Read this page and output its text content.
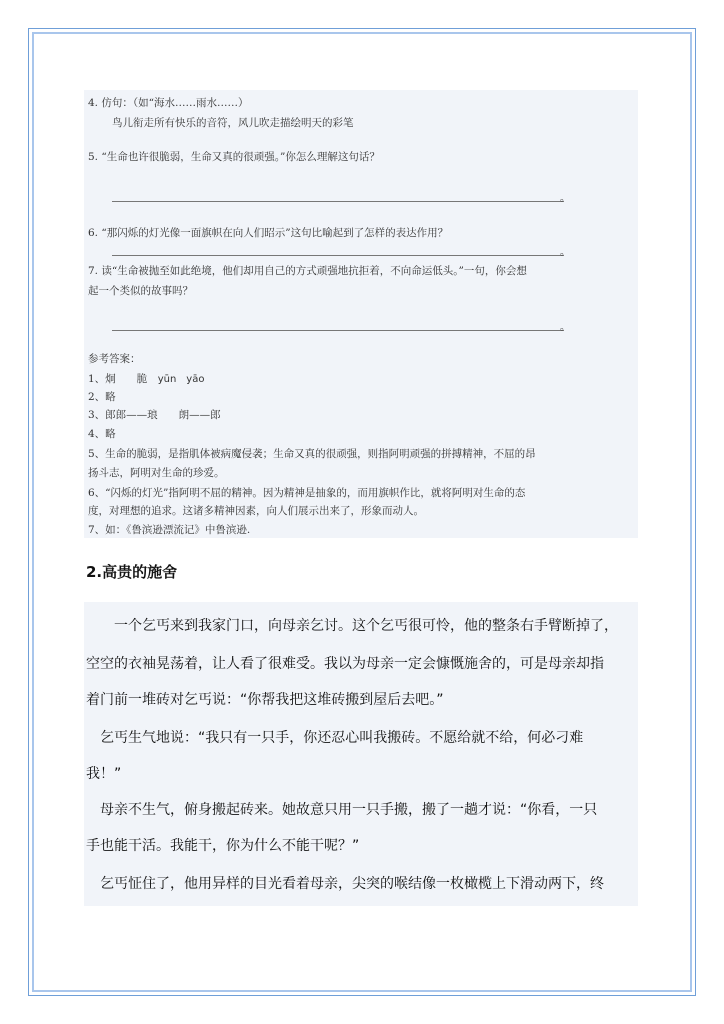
4. 仿句：（如“海水……雨水……）
鸟儿衔走所有快乐的音符，风儿吹走描绘明天的彩笔
5. “生命也许很脆弱，生命又真的很顽强。”你怎么理解这句话？
。
6. “那闪烁的灯光像一面旗帜在向人们昭示”这句比喻起到了怎样的表达作用？
。
7. 读“生命被抛至如此绝境，他们却用自己的方式顽强地抗拒着，不向命运低头。”一句，你会想
起一个类似的故事吗？
。
参考答案：
1、炯　　脆　yūn　yāo
2、略
3、郎郎——琅　　朗——郎
4、略
5、生命的脆弱，是指肌体被病魔侵袭；生命又真的很顽强，则指阿明顽强的拼搏精神，不屈的昂
扬斗志，阿明对生命的珍爱。
6、“闪烁的灯光”指阿明不屈的精神。因为精神是抽象的，而用旗帜作比，就将阿明对生命的态
度，对理想的追求。这诸多精神因素，向人们展示出来了，形象而动人。
7、如：《鲁滨逊漂流记》中鲁滨逊.
2.高贵的施舍
　　一个乞丐来到我家门口，向母亲乞讨。这个乞丐很可怜，他的整条右手臂断掉了，
空空的衣袖晃荡着，让人看了很难受。我以为母亲一定会慷慨施舍的，可是母亲却指
着门前一堆砖对乞丐说：“你帮我把这堆砖搬到屋后去吧。”
　乞丐生气地说：“我只有一只手，你还忍心叫我搬砖。不愿给就不给，何必刁难
我！”
　母亲不生气，俯身搬起砖来。她故意只用一只手搬，搬了一趟才说：“你看，一只
手也能干活。我能干，你为什么不能干呢？”
　乞丐怔住了，他用异样的目光看着母亲，尖突的喉结像一枚橄榄上下滑动两下，终
